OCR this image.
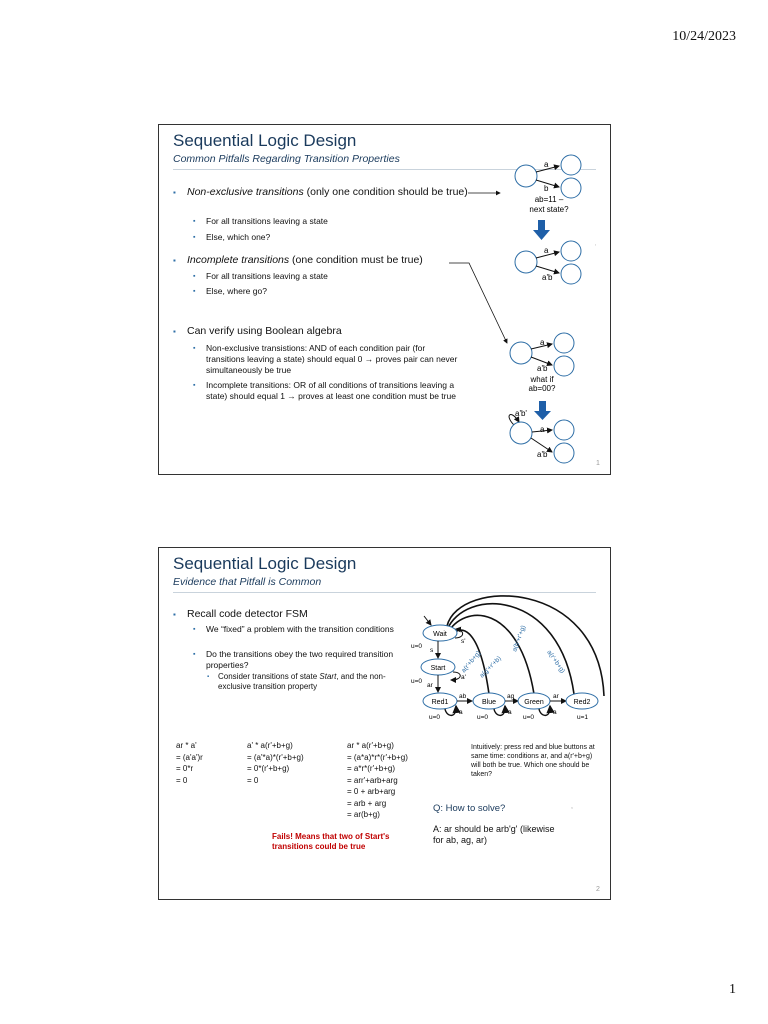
10/24/2023
Sequential Logic Design
Common Pitfalls Regarding Transition Properties
▪ Non-exclusive transitions (only one condition should be true)
▪ For all transitions leaving a state
▪ Else, which one?
▪ Incomplete transitions (one condition must be true)
▪ For all transitions leaving a state
▪ Else, where go?
▪ Can verify using Boolean algebra
▪ Non-exclusive transistions: AND of each condition pair (for transitions leaving a state) should equal 0 → proves pair can never simultaneously be true
▪ Incomplete transitions: OR of all conditions of transitions leaving a state) should equal 1 → proves at least one condition must be true
a
b
ab=11 –
next state?
a
a'b
,
a
a'b
what if
ab=00?
a'b'
a
a'b
1
Sequential Logic Design
Evidence that Pitfall is Common
▪ Recall code detector FSM
▪ We “fixed” a problem with the transition conditions
▪ Do the transitions obey the two required transition properties?
▪ Consider transitions of state Start, and the non-exclusive transition property
ar * a'
= (a'a')r
= 0*r
= 0
a' * a(r'+b+g)
= (a'*a)*(r'+b+g)
= 0*(r'+b+g)
= 0
ar * a(r'+b+g)
= (a*a)*r*(r'+b+g)
= a*r*(r'+b+g)
= arr'+arb+arg
= 0 + arb+arg
= arb + arg
= ar(b+g)
Fails! Means that two of Start's transitions could be true
Intuitively: press red and blue buttons at same time: conditions ar, and a(r'+b+g) will both be true. Which one should be taken?
Q: How to solve?	,
A: ar should be arb'g' (likewise for ab, ag, ar)
2
a(r'+b+g)
a(b'+r'+g)
a(g'+r'+b)
a(r'+b+g)
Wait
u=0
s'
s
Start
u=0
a'
ar
Red1
u=0
a
ab
Blue
u=0
a
ag
Green
u=0
a
ar
Red2
u=1
1
